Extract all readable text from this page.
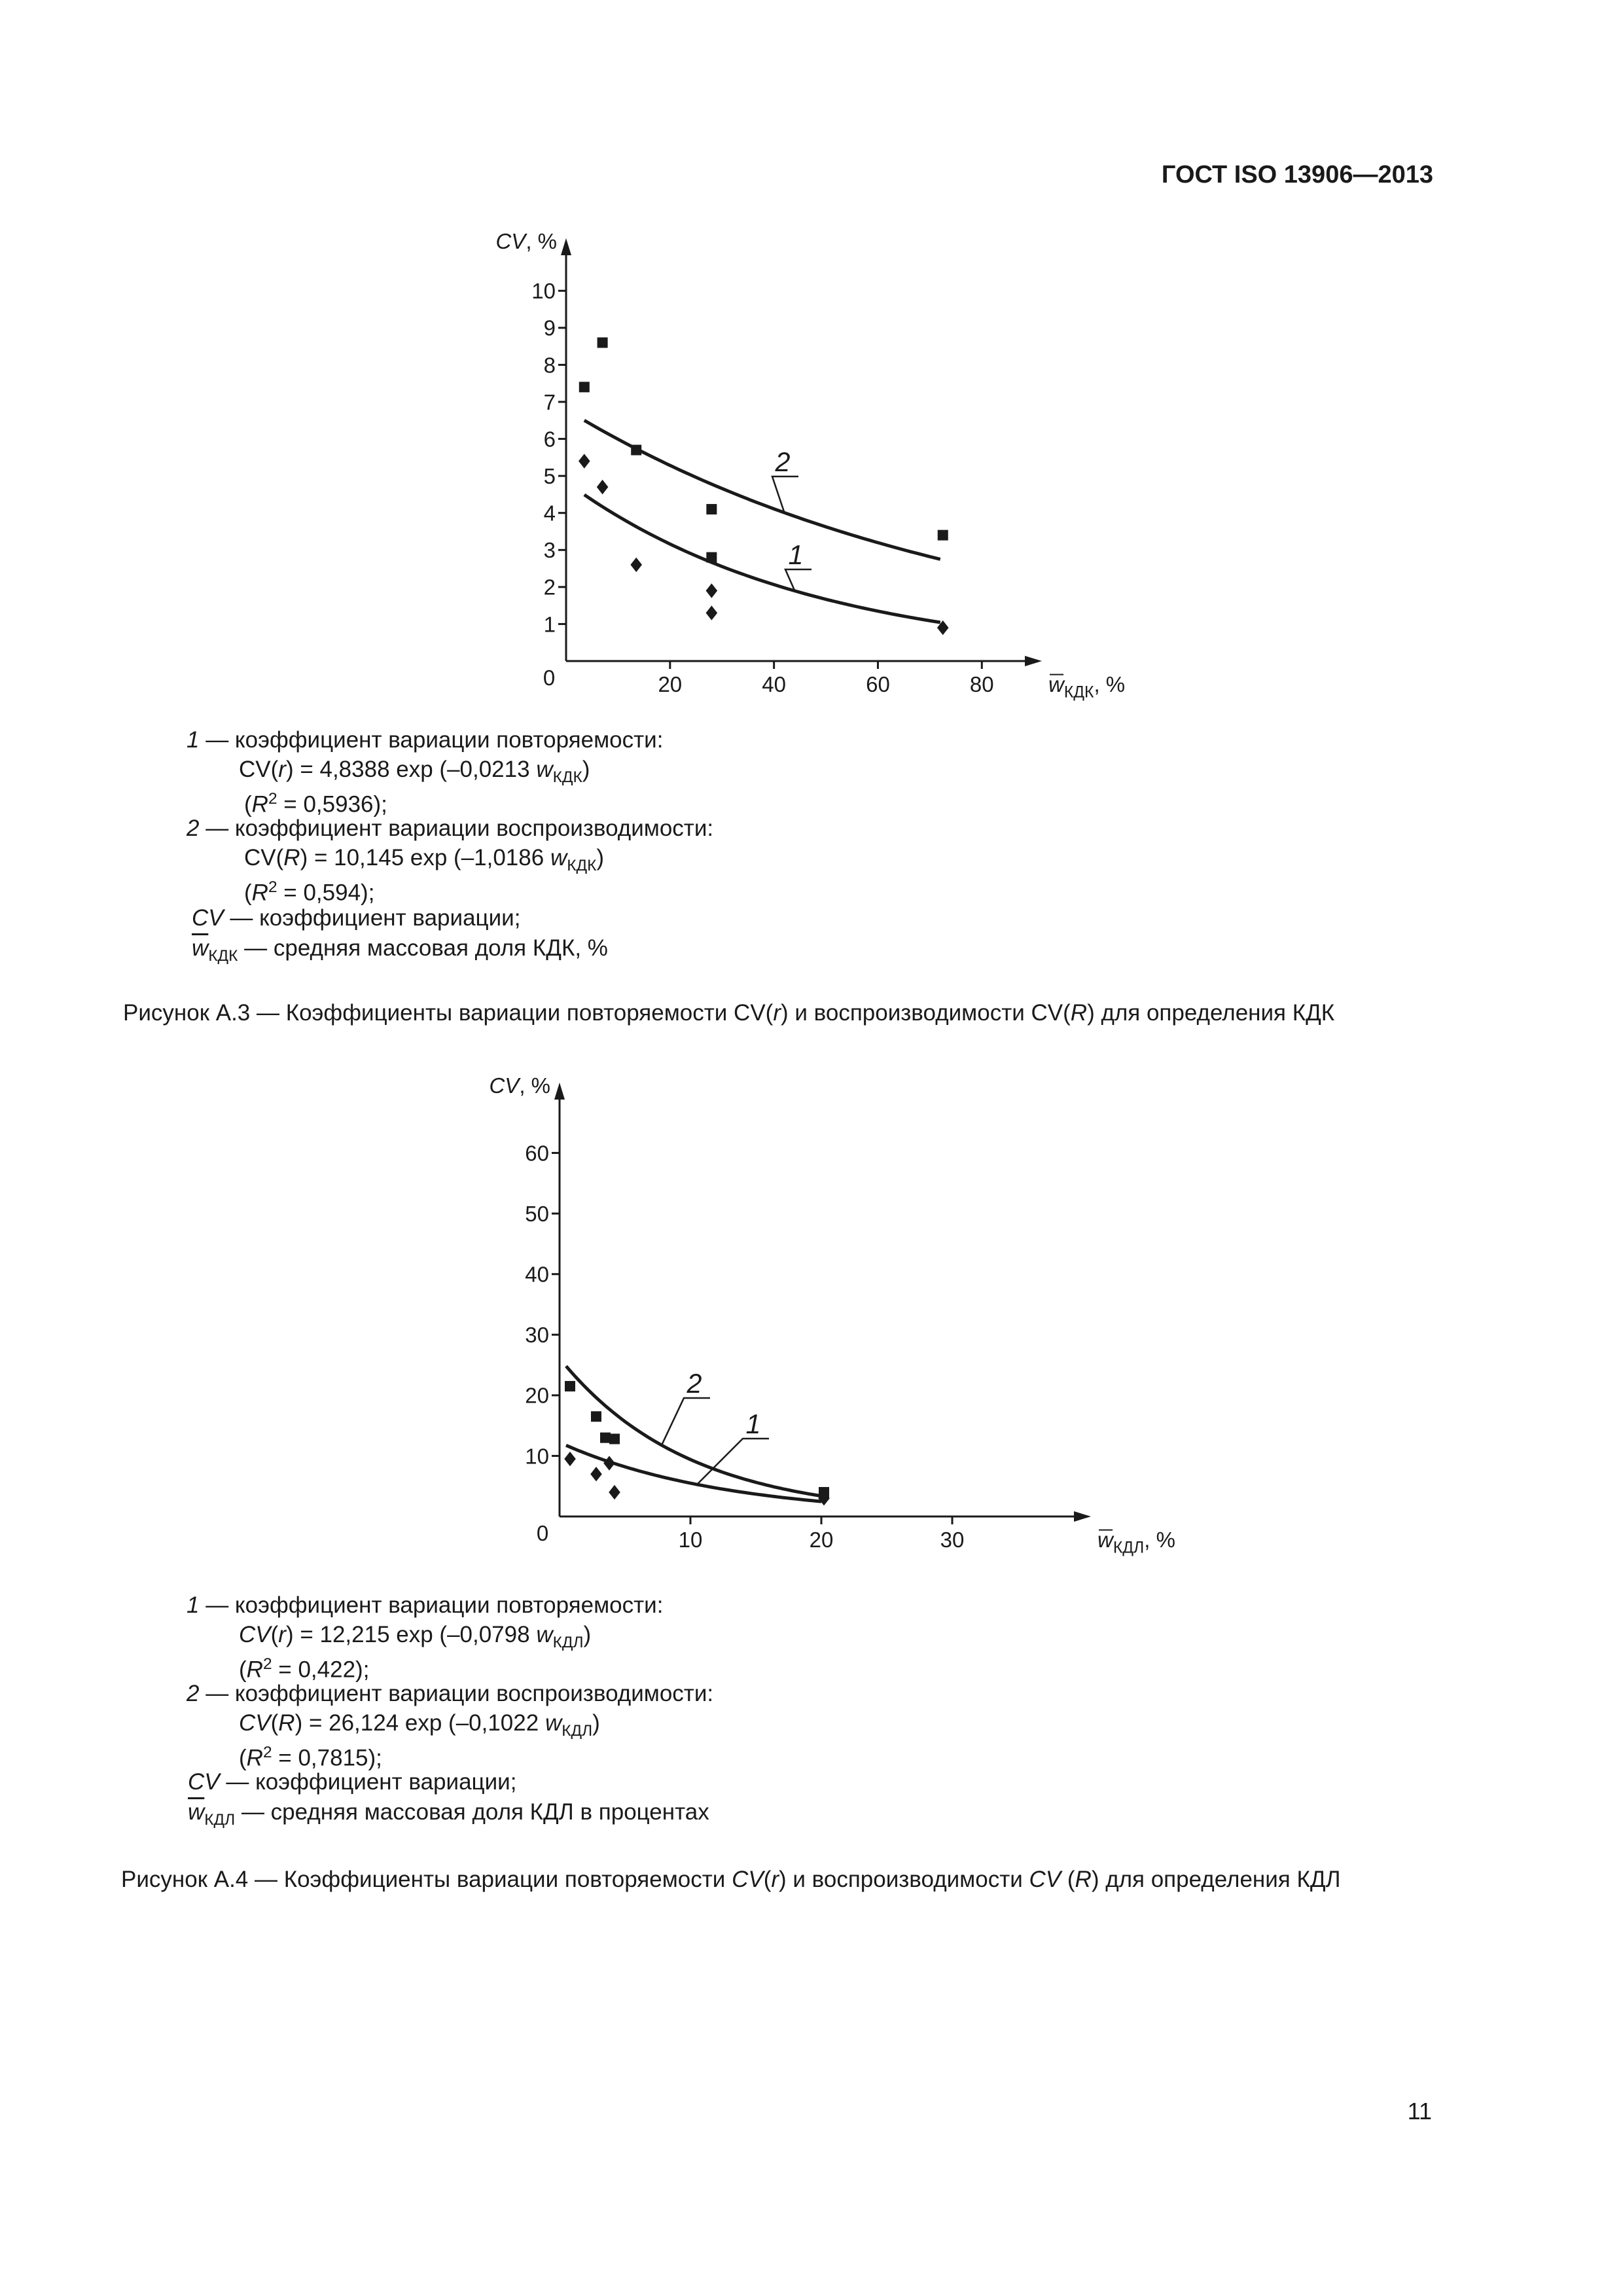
ГОСТ ISO 13906—2013
1
2
3
4
5
6
7
8
9
10
20	40	60	80
0
CV, %
$w_{КДК}$, %
1
2
1 — коэффициент вариации повторяемости:
CV(r) = 4,8388 exp (–0,0213 $w_{КДК}$)
$(R^2 = 0,5936)$;
2 — коэффициент вариации воспроизводимости:
CV(R) = 10,145 exp (–1,0186 $w_{КДК}$)
$(R^2 = 0,594)$;
CV — коэффициент вариации;
$\overline{w}_{КДК}$ — средняя массовая доля КДК, %
Рисунок А.3 — Коэффициенты вариации повторяемости CV(r) и воспроизводимости CV(R) для определения КДК
10
20
30
40
50
60
10	20	30
0
CV, %
$w_{КДЛ}$, %
1
2
1 — коэффициент вариации повторяемости:
CV(r) = 12,215 exp (–0,0798 $w_{КДЛ}$)
$(R^2 = 0,422)$;
2 — коэффициент вариации воспроизводимости:
CV(R) = 26,124 exp (–0,1022 $w_{КДЛ}$)
$(R^2 = 0,7815)$;
CV — коэффициент вариации;
$\overline{w}_{КДЛ}$ — средняя массовая доля КДЛ в процентах
Рисунок А.4 — Коэффициенты вариации повторяемости CV(r) и воспроизводимости CV (R) для определения КДЛ
11
